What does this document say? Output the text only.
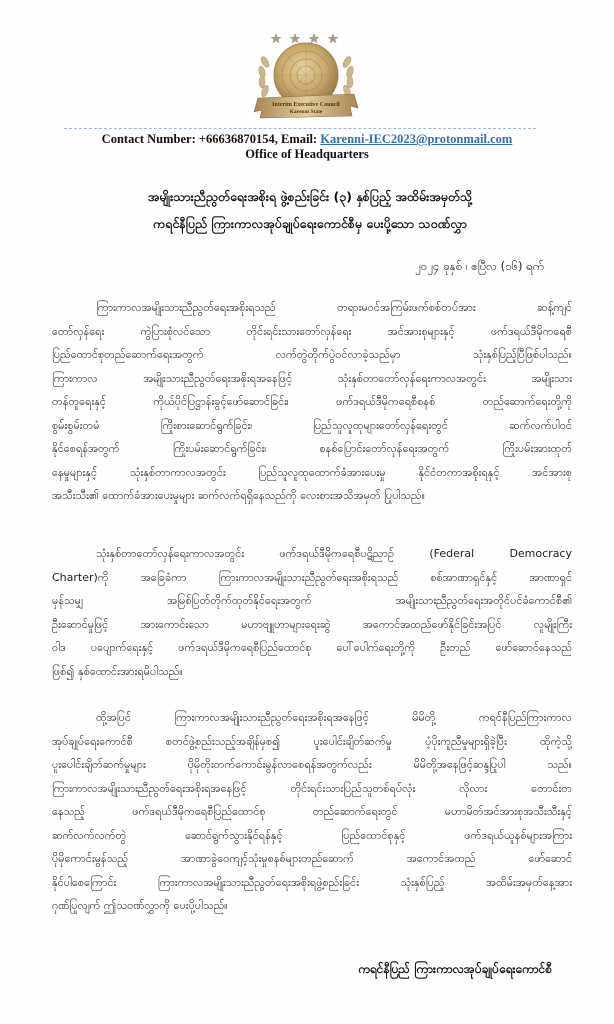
Interim Executive Council
Karenni State
Contact Number: +66636870154, Email: Karenni-IEC2023@protonmail.com
Office of Headquarters
အမျိုးသားညီညွတ်ရေးအစိုးရ ဖွဲ့စည်းခြင်း (၃) နှစ်ပြည့် အထိမ်းအမှတ်သို့
ကရင်နီပြည် ကြားကာလအုပ်ချုပ်ရေးကောင်စီမှ ပေးပို့သော သဝဏ်လွှာ
၂၀၂၄ ခုနှစ် ၊ ဧပြီလ (၁၆) ရက်
ကြားကာလအမျိုးသားညီညွတ်ရေးအစိုးရသည် တရားမဝင်အကြမ်းဖက်စစ်တပ်အား ဆန့်ကျင်
တော်လှန်ရေး ကွဲပြားစုံလင်သော တိုင်းရင်းသားတော်လှန်ရေး အင်အားစုများနှင့် ဖက်ဒရယ်ဒီမိုကရေစီ
ပြည်ထောင်စုတည်ဆောက်ရေးအတွက် လက်တွဲတိုက်ပွဲဝင်လာခဲ့သည်မှာ သုံးနှစ်ပြည့်ပြီဖြစ်ပါသည်။
ကြားကာလ အမျိုးသားညီညွတ်ရေးအစိုးရအနေဖြင့် သုံးနှစ်တာတော်လှန်ရေးကာလအတွင်း အမျိုးသား
တန်တူရေးနှင့် ကိုယ်ပိုင်ပြဋ္ဌာန်းခွင့်ဖော်ဆောင်ခြင်း၊ ဖက်ဒရယ်ဒီမိုကရေစီစနစ် တည်ဆောက်ရေးတို့ကို
စွမ်းစွမ်းတမံ ကြိုးစားဆောင်ရွက်ခြင်း၊ ပြည်သူလူထုများတော်လှန်ရေးတွင် ဆက်လက်ပါဝင်
နိုင်စေရန်အတွက် ကြိုးပမ်းဆောင်ရွက်ခြင်း၊ စနစ်ပြောင်းတော်လှန်ရေးအတွက် ကြိုးပမ်းအားထုတ်
နေမှုများနှင့် သုံးနှစ်တာကာလအတွင်း ပြည်သူလူထုထောက်ခံအားပေးမှု နိုင်ငံတကာအစိုးရနှင့် အင်အားစု
အသီးသီး၏ ထောက်ခံအားပေးမှုများ ဆက်လက်ရရှိနေသည်ကို လေးစားအသိအမှတ် ပြုပါသည်။
သုံးနှစ်တာတော်လှန်ရေးကာလအတွင်း ဖက်ဒရယ်ဒီမိုကရေစီပဋိညာဉ် (Federal Democracy
Charter)ကို အခြေခံကာ ကြားကာလအမျိုးသားညီညွတ်ရေးအစိုးရသည် စစ်အာဏာရှင်နှင့် အာဏာရှင်
မှန်သမျှ အမြစ်ပြတ်တိုက်ထုတ်နိုင်ရေးအတွက် အမျိုးသားညီညွတ်ရေးအတိုင်ပင်ခံကောင်စီ၏
ဦးဆောင်မှုဖြင့် အားကောင်းသော မဟာဗျူဟာများရေးဆွဲ အကောင်အထည်ဖော်နိုင်ခြင်းအပြင် လူမျိုးကြီး
ဝါဒ ပပျောက်ရေးနှင့် ဖက်ဒရယ်ဒီမိုကရေစီပြည်ထောင်စု ပေါ်ပေါက်ရေးတို့ကို ဦးတည် ဖော်ဆောင်နေသည်
ဖြစ်၍ နှစ်ထောင်းအားရမိပါသည်။
ထို့အပြင် ကြားကာလအမျိုးသားညီညွတ်ရေးအစိုးရအနေဖြင့် မိမိတို့ ကရင်နီပြည်ကြားကာလ
အုပ်ချုပ်ရေးကောင်စီ စတင်ဖွဲ့စည်းသည့်အချိန်မှစ၍ ပူးပေါင်းချိတ်ဆက်မှု ပံ့ပိုးကူညီမှုများရှိခဲ့ပြီး ထိုကဲ့သို့
ပူးပေါင်းချိတ်ဆက်မှုများ ပိုမိုတိုးတက်ကောင်းမွန်လာစေရန်အတွက်လည်း မိမိတို့အနေဖြင့်ဆန္ဒပြုပါ သည်။
ကြားကာလအမျိုးသားညီညွတ်ရေးအစိုးရအနေဖြင့် တိုင်းရင်းသားပြည်သူတစ်ရပ်လုံး လိုလား တောင်းတ
နေသည့် ဖက်ဒရယ်ဒီမိုကရေစီပြည်ထောင်စု တည်ဆောက်ရေးတွင် မဟာမိတ်အင်အားစုအသီးသီးနှင့်
ဆက်လက်လက်တွဲ ဆောင်ရွက်သွားနိုင်ရန်နှင့် ပြည်ထောင်စုနှင့် ဖက်ဒရယ်ယူနစ်များအကြား
ပိုမိုကောင်းမွန်သည့် အာဏာခွဲဝေကျင့်သုံးမှုစနစ်များတည်ဆောက် အကောင်အထည် ဖော်ဆောင်
နိုင်ပါစေကြောင်း ကြားကာလအမျိုးသားညီညွတ်ရေးအစိုးရဖွဲ့စည်းခြင်း သုံးနှစ်ပြည့် အထိမ်းအမှတ်နေ့အား
ဂုဏ်ပြုလျက် ဤသဝဏ်လွှာကို ပေးပို့ပါသည်။
ကရင်နီပြည် ကြားကာလအုပ်ချုပ်ရေးကောင်စီ
